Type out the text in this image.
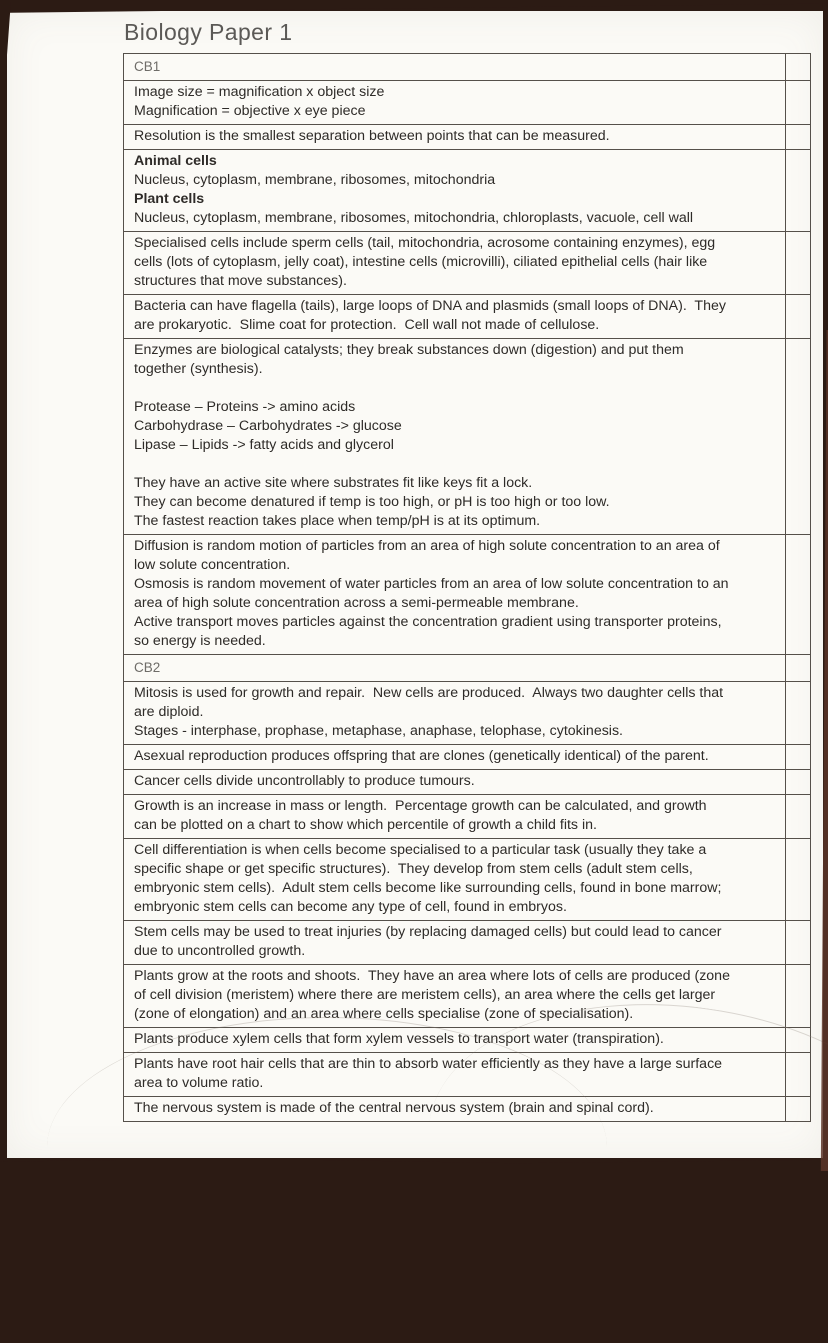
Biology Paper 1
CB1
Image size = magnification x object size
Magnification = objective x eye piece
Resolution is the smallest separation between points that can be measured.
Animal cells
Nucleus, cytoplasm, membrane, ribosomes, mitochondria
Plant cells
Nucleus, cytoplasm, membrane, ribosomes, mitochondria, chloroplasts, vacuole, cell wall
Specialised cells include sperm cells (tail, mitochondria, acrosome containing enzymes), egg
cells (lots of cytoplasm, jelly coat), intestine cells (microvilli), ciliated epithelial cells (hair like
structures that move substances).
Bacteria can have flagella (tails), large loops of DNA and plasmids (small loops of DNA).  They
are prokaryotic.  Slime coat for protection.  Cell wall not made of cellulose.
Enzymes are biological catalysts; they break substances down (digestion) and put them
together (synthesis).
Protease – Proteins -> amino acids
Carbohydrase – Carbohydrates -> glucose
Lipase – Lipids -> fatty acids and glycerol
They have an active site where substrates fit like keys fit a lock.
They can become denatured if temp is too high, or pH is too high or too low.
The fastest reaction takes place when temp/pH is at its optimum.
Diffusion is random motion of particles from an area of high solute concentration to an area of
low solute concentration.
Osmosis is random movement of water particles from an area of low solute concentration to an
area of high solute concentration across a semi-permeable membrane.
Active transport moves particles against the concentration gradient using transporter proteins,
so energy is needed.
CB2
Mitosis is used for growth and repair.  New cells are produced.  Always two daughter cells that
are diploid.
Stages - interphase, prophase, metaphase, anaphase, telophase, cytokinesis.
Asexual reproduction produces offspring that are clones (genetically identical) of the parent.
Cancer cells divide uncontrollably to produce tumours.
Growth is an increase in mass or length.  Percentage growth can be calculated, and growth
can be plotted on a chart to show which percentile of growth a child fits in.
Cell differentiation is when cells become specialised to a particular task (usually they take a
specific shape or get specific structures).  They develop from stem cells (adult stem cells,
embryonic stem cells).  Adult stem cells become like surrounding cells, found in bone marrow;
embryonic stem cells can become any type of cell, found in embryos.
Stem cells may be used to treat injuries (by replacing damaged cells) but could lead to cancer
due to uncontrolled growth.
Plants grow at the roots and shoots.  They have an area where lots of cells are produced (zone
of cell division (meristem) where there are meristem cells), an area where the cells get larger
(zone of elongation) and an area where cells specialise (zone of specialisation).
Plants produce xylem cells that form xylem vessels to transport water (transpiration).
Plants have root hair cells that are thin to absorb water efficiently as they have a large surface
area to volume ratio.
The nervous system is made of the central nervous system (brain and spinal cord).
